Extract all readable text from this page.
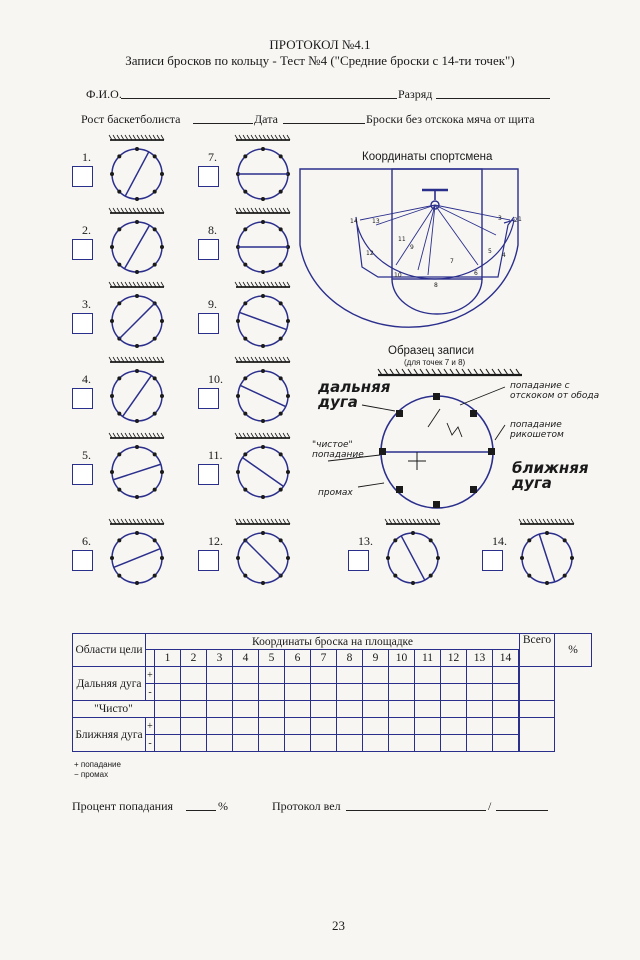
ПРОТОКОЛ №4.1
Записи бросков по кольцу - Тест №4 ("Средние броски с 14-ти точек")
Ф.И.О.	Разряд
Рост баскетболиста	Дата	Броски без отскока мяча от щита
1.
2.
3.
4.
5.
6.
7.
8.
9.
10.
11.
12.	13.	14.
Координаты спортсмена
1
2
3
4
5
6
7
8
9
10
11
12
13
14
Образец записи
(для точек 7 и 8)
дальняя
дуга
попадание с
отскоком от обода
попадание
рикошетом
"чистое"
попадание
ближняя
дуга
промах
Области цели	Координаты броска на площадке															Всего	%
		1	2	3	4	5	6	7	8	9	10	11	12	13	14		
Дальняя дуга	+																
	-																
"Чисто"																	
Ближняя дуга	+																
	-																
+ попадание
− промах
Процент попадания	%	Протокол вел	/
23
